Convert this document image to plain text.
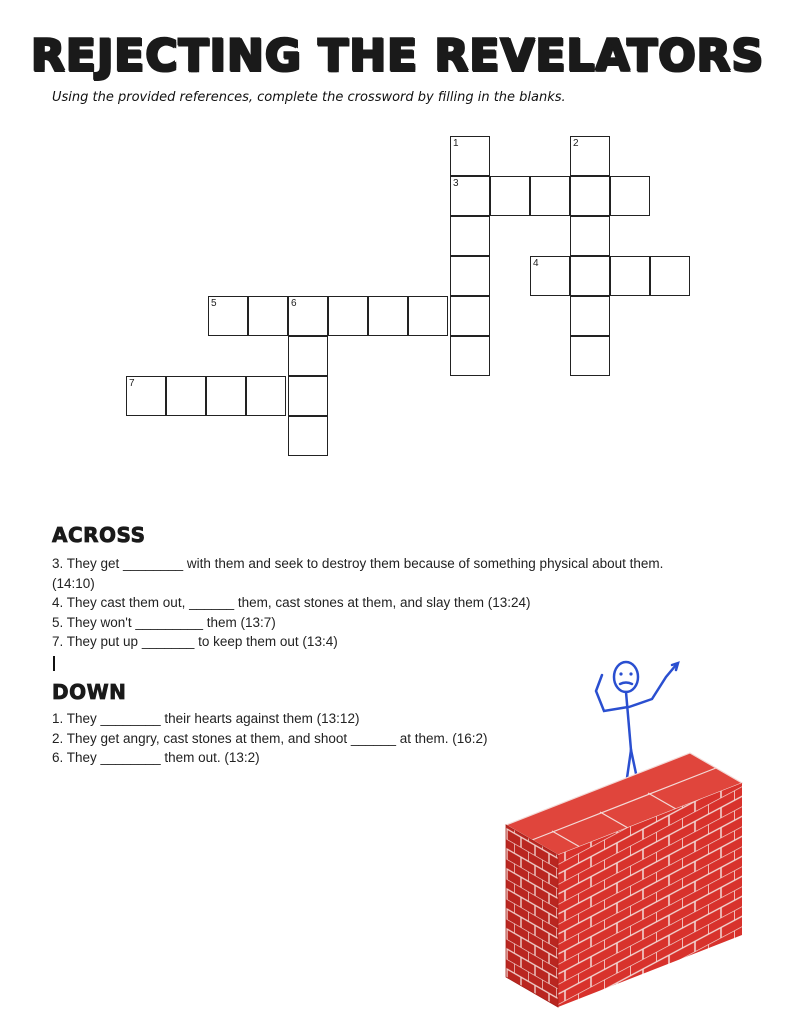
REJECTING THE REVELATORS
Using the provided references, complete the crossword by filling in the blanks.
1
3
2
4
5	6
7
ACROSS
3. They get ________ with them and seek to destroy them because of something physical about them. (14:10)
4. They cast them out, ______ them, cast stones at them, and slay them (13:24)
5. They won't _________ them (13:7)
7. They put up _______ to keep them out (13:4)
DOWN
1. They ________ their hearts against them (13:12)
2. They get angry, cast stones at them, and shoot ______ at them. (16:2)
6. They ________ them out. (13:2)
